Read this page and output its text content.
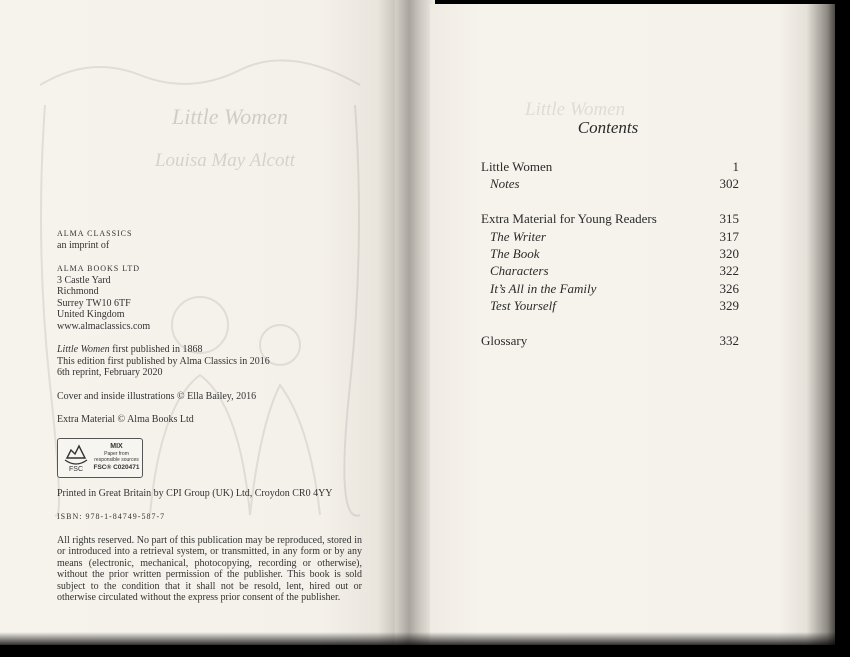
Little Women
Louisa May Alcott

ALMA CLASSICS

an imprint of

ALMA BOOKS LTD

3 Castle Yard

Richmond

Surrey TW10 6TF

United Kingdom

www.almaclassics.com

Little Women first published in 1868

This edition first published by Alma Classics in 2016

6th reprint, February 2020

Cover and inside illustrations © Ella Bailey, 2016

Extra Material © Alma Books Ltd

FSC
MIX
Paper from responsible sources
FSC® C020471

Printed in Great Britain by CPI Group (UK) Ltd, Croydon CR0 4YY

ISBN: 978-1-84749-587-7

All rights reserved. No part of this publication may be reproduced, stored in or introduced into a retrieval system, or transmitted, in any form or by any means (electronic, mechanical, photocopying, recording or otherwise), without the prior written permission of the publisher. This book is sold subject to the condition that it shall not be resold, lent, hired out or otherwise circulated without the express prior consent of the publisher.

Little Women
Contents
Little Women	1
Notes	302
Extra Material for Young Readers	315
The Writer	317
The Book	320
Characters	322
It’s All in the Family	326
Test Yourself	329
Glossary	332
